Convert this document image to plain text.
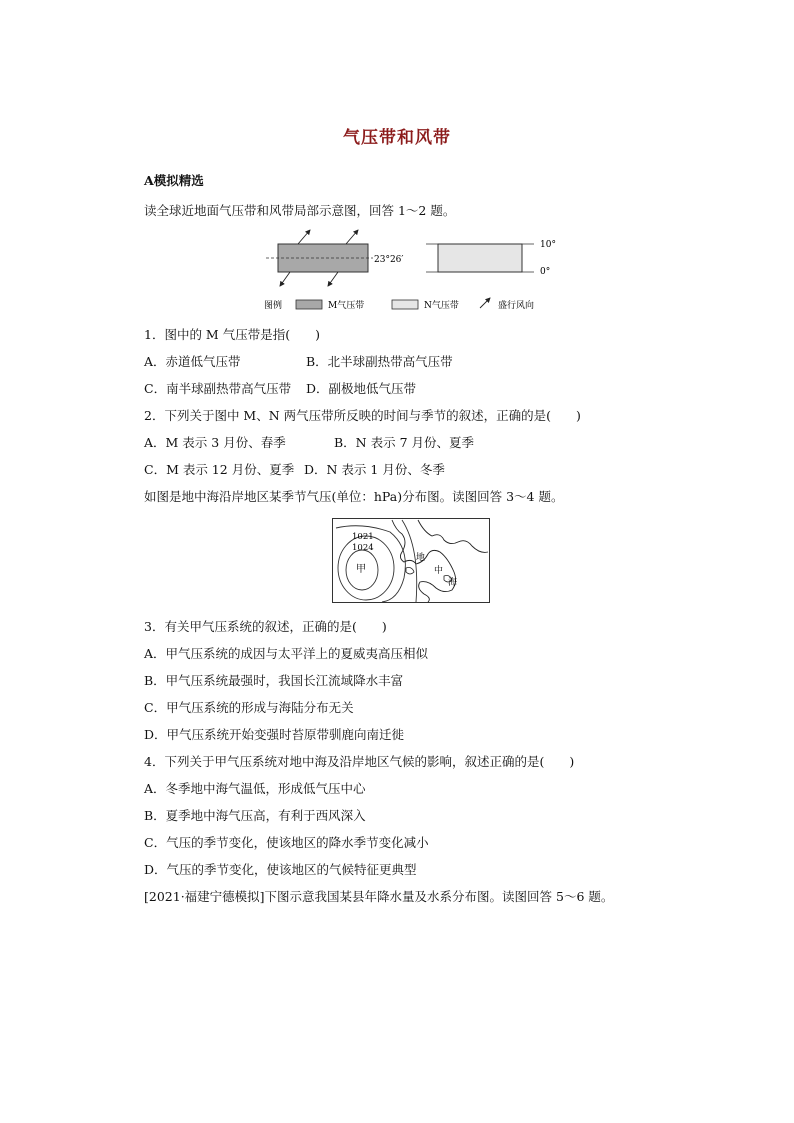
气压带和风带
A模拟精选
读全球近地面气压带和风带局部示意图，回答 1～2 题。
23°26′
10°
0°
图例	M气压带	N气压带	盛行风向
1．图中的 M 气压带是指(　　)
A．赤道低气压带	B．北半球副热带高气压带
C．南半球副热带高气压带 D．副极地低气压带
2．下列关于图中 M、N 两气压带所反映的时间与季节的叙述，正确的是(　　)
A．M 表示 3 月份、春季	B．N 表示 7 月份、夏季
C．M 表示 12 月份、夏季 D．N 表示 1 月份、冬季
如图是地中海沿岸地区某季节气压(单位：hPa)分布图。读图回答 3～4 题。
1021
1024
甲
地
中
海
3．有关甲气压系统的叙述，正确的是(　　)
A．甲气压系统的成因与太平洋上的夏威夷高压相似
B．甲气压系统最强时，我国长江流域降水丰富
C．甲气压系统的形成与海陆分布无关
D．甲气压系统开始变强时苔原带驯鹿向南迁徙
4．下列关于甲气压系统对地中海及沿岸地区气候的影响，叙述正确的是(　　)
A．冬季地中海气温低，形成低气压中心
B．夏季地中海气压高，有利于西风深入
C．气压的季节变化，使该地区的降水季节变化减小
D．气压的季节变化，使该地区的气候特征更典型
[2021·福建宁德模拟]下图示意我国某县年降水量及水系分布图。读图回答 5～6 题。
